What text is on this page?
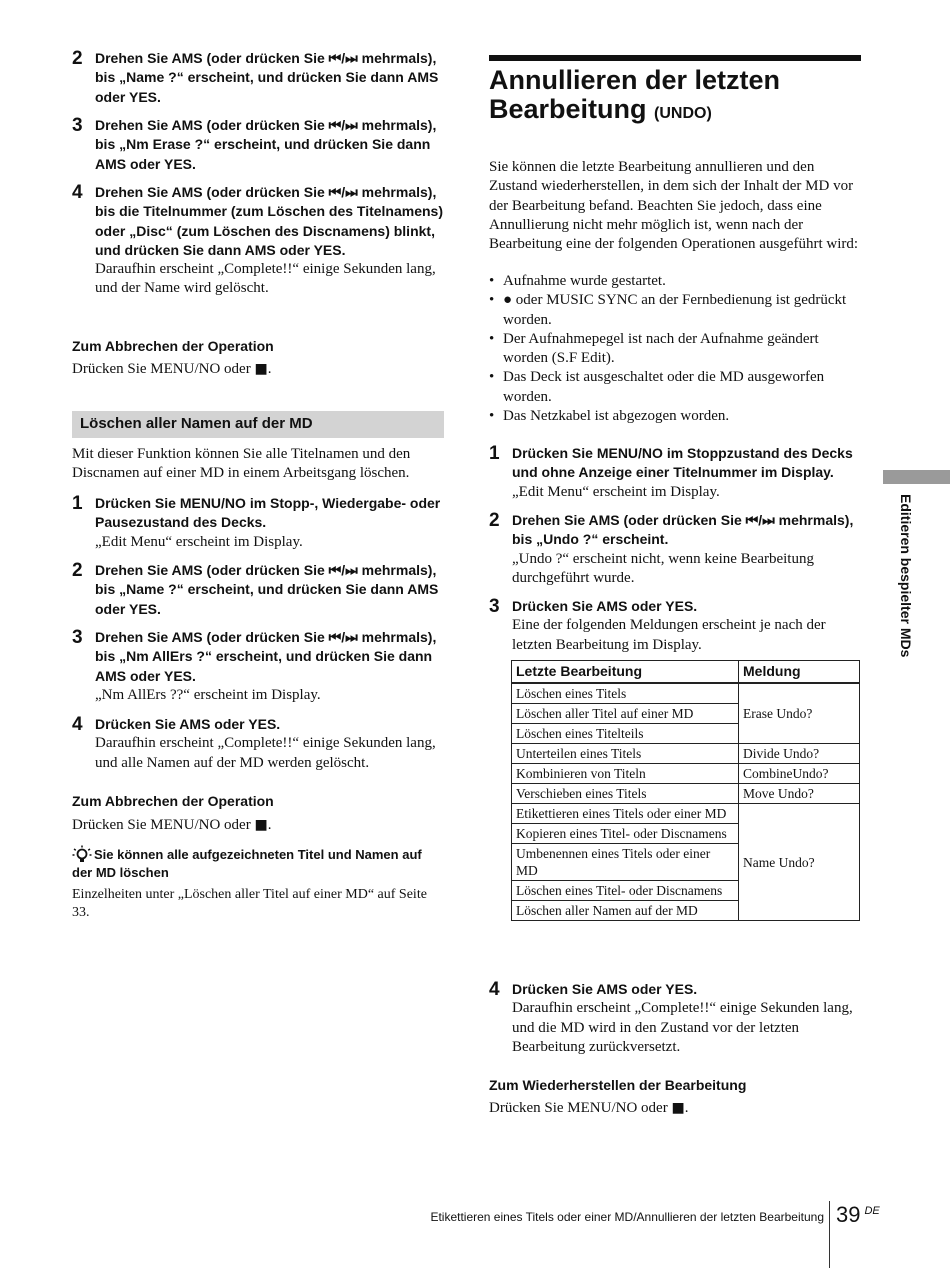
2 Drehen Sie AMS (oder drücken Sie ⏮/⏭ mehrmals), bis „Name ?“ erscheint, und drücken Sie dann AMS oder YES.
3 Drehen Sie AMS (oder drücken Sie ⏮/⏭ mehrmals), bis „Nm Erase ?“ erscheint, und drücken Sie dann AMS oder YES.
4 Drehen Sie AMS (oder drücken Sie ⏮/⏭ mehrmals), bis die Titelnummer (zum Löschen des Titelnamens) oder „Disc“ (zum Löschen des Discnamens) blinkt, und drücken Sie dann AMS oder YES.
Daraufhin erscheint „Complete!!“ einige Sekunden lang, und der Name wird gelöscht.
Zum Abbrechen der Operation
Drücken Sie MENU/NO oder ■.
Löschen aller Namen auf der MD
Mit dieser Funktion können Sie alle Titelnamen und den Discnamen auf einer MD in einem Arbeitsgang löschen.
1 Drücken Sie MENU/NO im Stopp-, Wiedergabe- oder Pausezustand des Decks.
„Edit Menu“ erscheint im Display.
2 Drehen Sie AMS (oder drücken Sie ⏮/⏭ mehrmals), bis „Name ?“ erscheint, und drücken Sie dann AMS oder YES.
3 Drehen Sie AMS (oder drücken Sie ⏮/⏭ mehrmals), bis „Nm AllErs ?“ erscheint, und drücken Sie dann AMS oder YES.
„Nm AllErs ??“ erscheint im Display.
4 Drücken Sie AMS oder YES.
Daraufhin erscheint „Complete!!“ einige Sekunden lang, und alle Namen auf der MD werden gelöscht.
Zum Abbrechen der Operation
Drücken Sie MENU/NO oder ■.
Sie können alle aufgezeichneten Titel und Namen auf der MD löschen
Einzelheiten unter „Löschen aller Titel auf einer MD“ auf Seite 33.
Annullieren der letzten Bearbeitung (UNDO)
Sie können die letzte Bearbeitung annullieren und den Zustand wiederherstellen, in dem sich der Inhalt der MD vor der Bearbeitung befand. Beachten Sie jedoch, dass eine Annullierung nicht mehr möglich ist, wenn nach der Bearbeitung eine der folgenden Operationen ausgeführt wird:
• Aufnahme wurde gestartet.
• ● oder MUSIC SYNC an der Fernbedienung ist gedrückt worden.
• Der Aufnahmepegel ist nach der Aufnahme geändert worden (S.F Edit).
• Das Deck ist ausgeschaltet oder die MD ausgeworfen worden.
• Das Netzkabel ist abgezogen worden.
1 Drücken Sie MENU/NO im Stoppzustand des Decks und ohne Anzeige einer Titelnummer im Display.
„Edit Menu“ erscheint im Display.
2 Drehen Sie AMS (oder drücken Sie ⏮/⏭ mehrmals), bis „Undo ?“ erscheint.
„Undo ?“ erscheint nicht, wenn keine Bearbeitung durchgeführt wurde.
3 Drücken Sie AMS oder YES.
Eine der folgenden Meldungen erscheint je nach der letzten Bearbeitung im Display.
Letzte Bearbeitung	Meldung
Löschen eines Titels	Erase Undo?
Löschen aller Titel auf einer MD	
Löschen eines Titelteils	
Unterteilen eines Titels	Divide Undo?
Kombinieren von Titeln	CombineUndo?
Verschieben eines Titels	Move Undo?
Etikettieren eines Titels oder einer MD	Name Undo?
Kopieren eines Titel- oder Discnamens	
Umbenennen eines Titels oder einer MD	
Löschen eines Titel- oder Discnamens	
Löschen aller Namen auf der MD	
4 Drücken Sie AMS oder YES.
Daraufhin erscheint „Complete!!“ einige Sekunden lang, und die MD wird in den Zustand vor der letzten Bearbeitung zurückversetzt.
Zum Wiederherstellen der Bearbeitung
Drücken Sie MENU/NO oder ■.
Editieren bespielter MDs
Etikettieren eines Titels oder einer MD/Annullieren der letzten Bearbeitung 39 $^{DE}$
